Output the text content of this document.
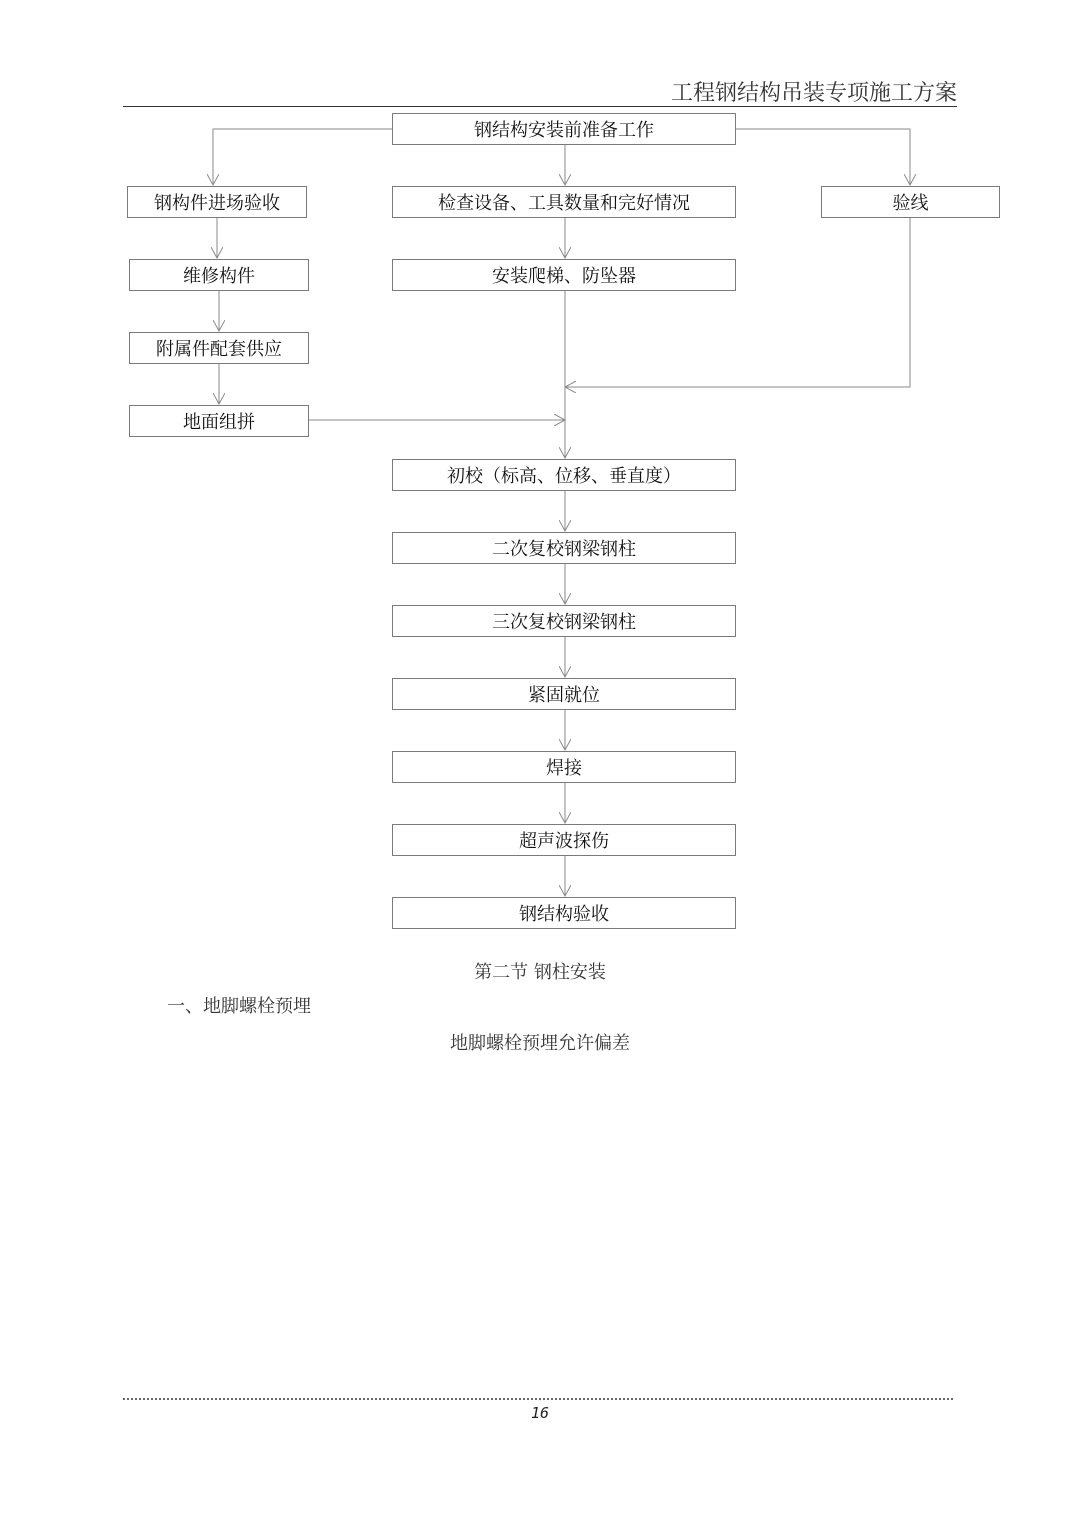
工程钢结构吊装专项施工方案
钢结构安装前准备工作
钢构件进场验收	检查设备、工具数量和完好情况	验线
维修构件	安装爬梯、防坠器
附属件配套供应
地面组拼
初校（标高、位移、垂直度）
二次复校钢梁钢柱
三次复校钢梁钢柱
紧固就位
焊接
超声波探伤
钢结构验收
第二节 钢柱安装
一、地脚螺栓预埋
地脚螺栓预埋允许偏差
16
